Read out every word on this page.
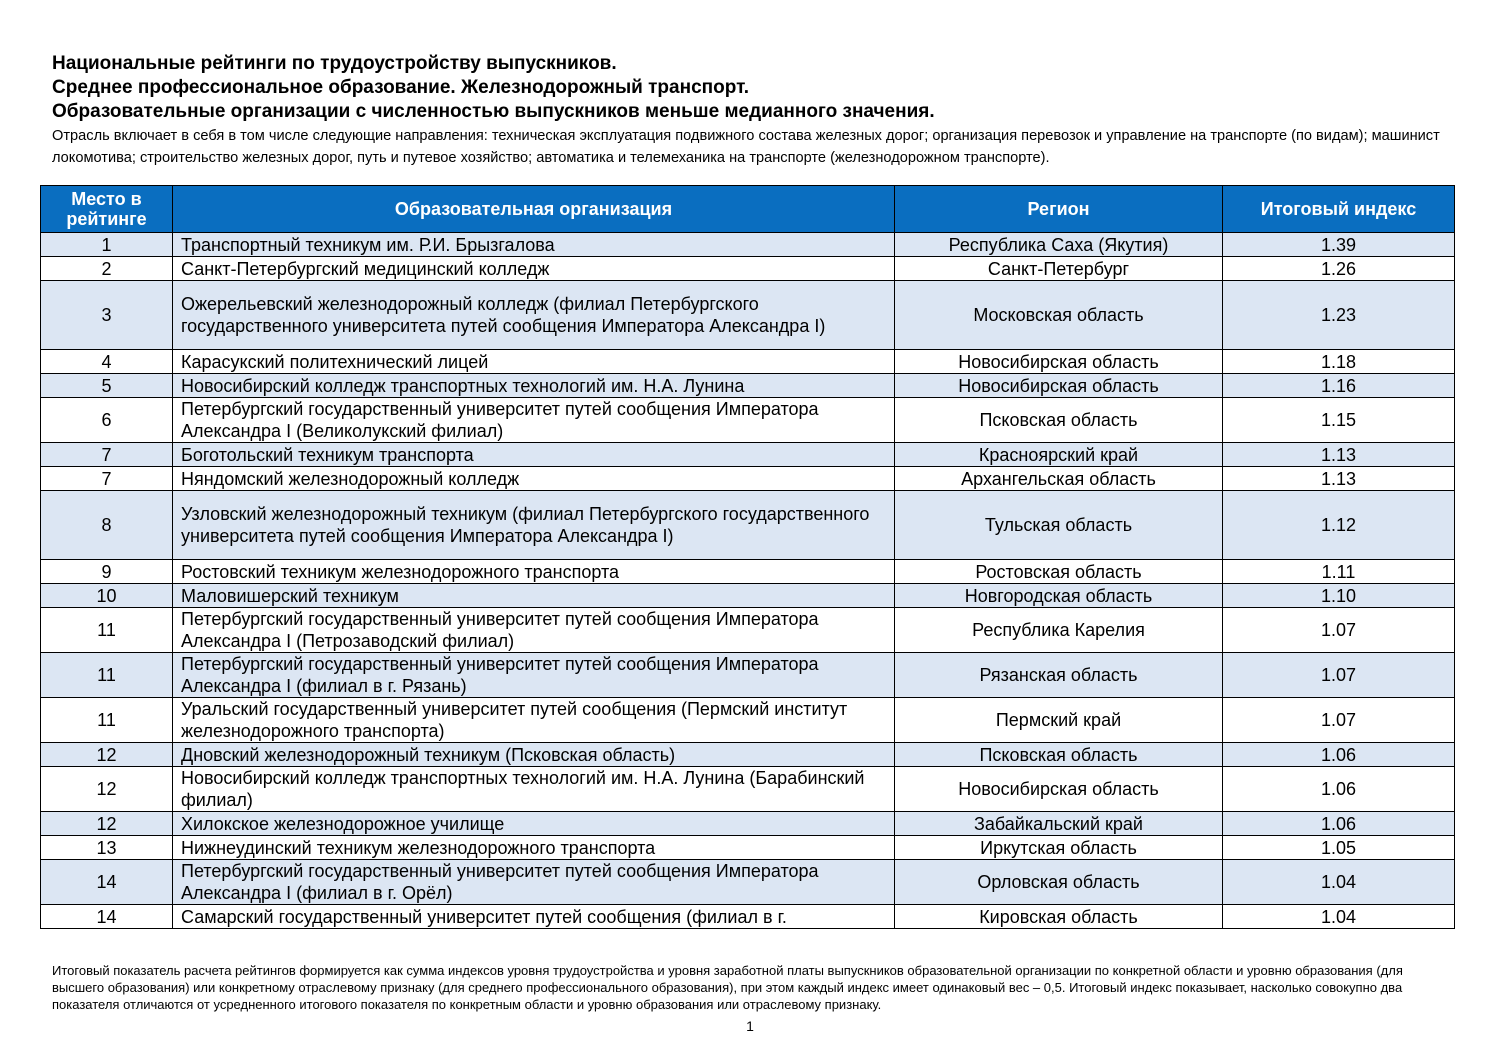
Национальные рейтинги по трудоустройству выпускников.
Среднее профессиональное образование. Железнодорожный транспорт.
Образовательные организации с численностью выпускников меньше медианного значения.
Отрасль включает в себя в том числе следующие направления: техническая эксплуатация подвижного состава железных дорог; организация перевозок и управление на транспорте (по видам); машинист локомотива; строительство железных дорог, путь и путевое хозяйство; автоматика и телемеханика на транспорте (железнодорожном транспорте).
Место в рейтинге	Образовательная организация	Регион	Итоговый индекс
1	Транспортный техникум им. Р.И. Брызгалова	Республика Саха (Якутия)	1.39
2	Санкт-Петербургский медицинский колледж	Санкт-Петербург	1.26
3	Ожерельевский железнодорожный колледж (филиал Петербургского государственного университета путей сообщения Императора Александра I)	Московская область	1.23
4	Карасукский политехнический лицей	Новосибирская область	1.18
5	Новосибирский колледж транспортных технологий им. Н.А. Лунина	Новосибирская область	1.16
6	Петербургский государственный университет путей сообщения Императора Александра I (Великолукский филиал)	Псковская область	1.15
7	Боготольский техникум транспорта	Красноярский край	1.13
7	Няндомский железнодорожный колледж	Архангельская область	1.13
8	Узловский железнодорожный техникум (филиал Петербургского государственного университета путей сообщения Императора Александра I)	Тульская область	1.12
9	Ростовский техникум железнодорожного транспорта	Ростовская область	1.11
10	Маловишерский техникум	Новгородская область	1.10
11	Петербургский государственный университет путей сообщения Императора Александра I (Петрозаводский филиал)	Республика Карелия	1.07
11	Петербургский государственный университет путей сообщения Императора Александра I (филиал в г. Рязань)	Рязанская область	1.07
11	Уральский государственный университет путей сообщения (Пермский институт железнодорожного транспорта)	Пермский край	1.07
12	Дновский железнодорожный техникум (Псковская область)	Псковская область	1.06
12	Новосибирский колледж транспортных технологий им. Н.А. Лунина (Барабинский филиал)	Новосибирская область	1.06
12	Хилокское железнодорожное училище	Забайкальский край	1.06
13	Нижнеудинский техникум железнодорожного транспорта	Иркутская область	1.05
14	Петербургский государственный университет путей сообщения Императора Александра I (филиал в г. Орёл)	Орловская область	1.04
14	Самарский государственный университет путей сообщения (филиал в г.	Кировская область	1.04
Итоговый показатель расчета рейтингов формируется как сумма индексов уровня трудоустройства и уровня заработной платы выпускников образовательной организации по конкретной области и уровню образования (для высшего образования) или конкретному отраслевому признаку (для среднего профессионального образования), при этом каждый индекс имеет одинаковый вес – 0,5. Итоговый индекс показывает, насколько совокупно два показателя отличаются от усредненного итогового показателя по конкретным области и уровню образования или отраслевому признаку.
1
